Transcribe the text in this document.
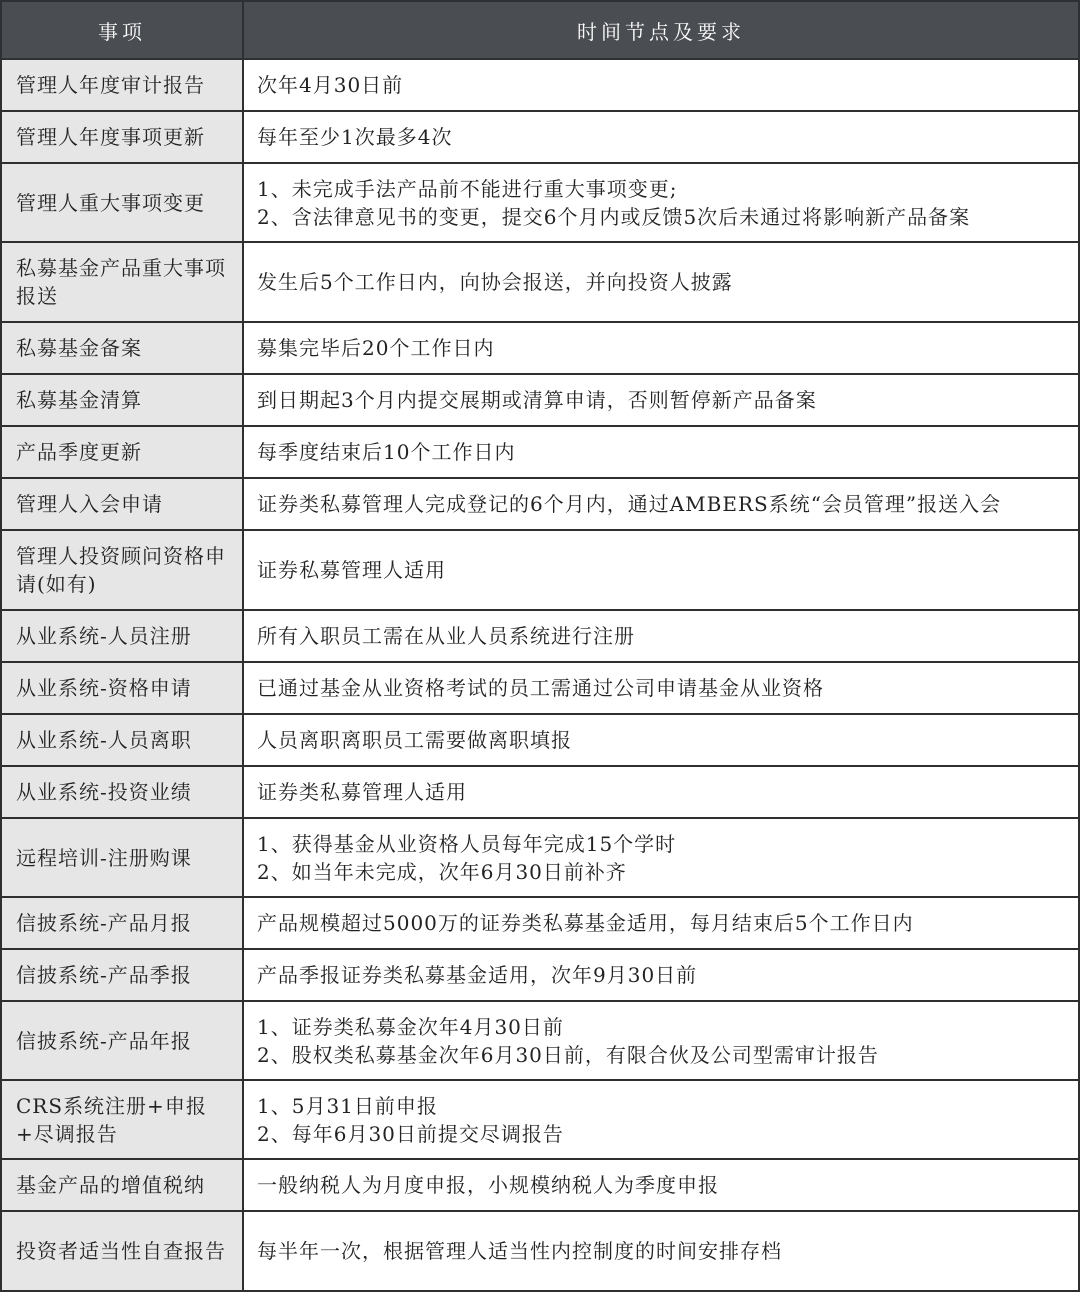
事项	时间节点及要求
管理人年度审计报告	次年4月30日前

管理人年度事项更新	每年至少1次最多4次

管理人重大事项变更	1、未完成手法产品前不能进行重大事项变更;
2、含法律意见书的变更，提交6个月内或反馈5次后未通过将影响新产品备案

私募基金产品重大事项报送	发生后5个工作日内，向协会报送，并向投资人披露

私募基金备案	募集完毕后20个工作日内

私募基金清算	到日期起3个月内提交展期或清算申请，否则暂停新产品备案

产品季度更新	每季度结束后10个工作日内

管理人入会申请	证券类私募管理人完成登记的6个月内，通过AMBERS系统“会员管理”报送入会

管理人投资顾问资格申请(如有)	证券私募管理人适用

从业系统-人员注册	所有入职员工需在从业人员系统进行注册

从业系统-资格申请	已通过基金从业资格考试的员工需通过公司申请基金从业资格

从业系统-人员离职	人员离职离职员工需要做离职填报

从业系统-投资业绩	证券类私募管理人适用

远程培训-注册购课	1、获得基金从业资格人员每年完成15个学时
2、如当年未完成，次年6月30日前补齐

信披系统-产品月报	产品规模超过5000万的证券类私募基金适用，每月结束后5个工作日内

信披系统-产品季报	产品季报证券类私募基金适用，次年9月30日前

信披系统-产品年报	1、证券类私募金次年4月30日前
2、股权类私募基金次年6月30日前，有限合伙及公司型需审计报告

CRS系统注册+申报+尽调报告	1、5月31日前申报
2、每年6月30日前提交尽调报告

基金产品的增值税纳	一般纳税人为月度申报，小规模纳税人为季度申报

投资者适当性自查报告	每半年一次，根据管理人适当性内控制度的时间安排存档
